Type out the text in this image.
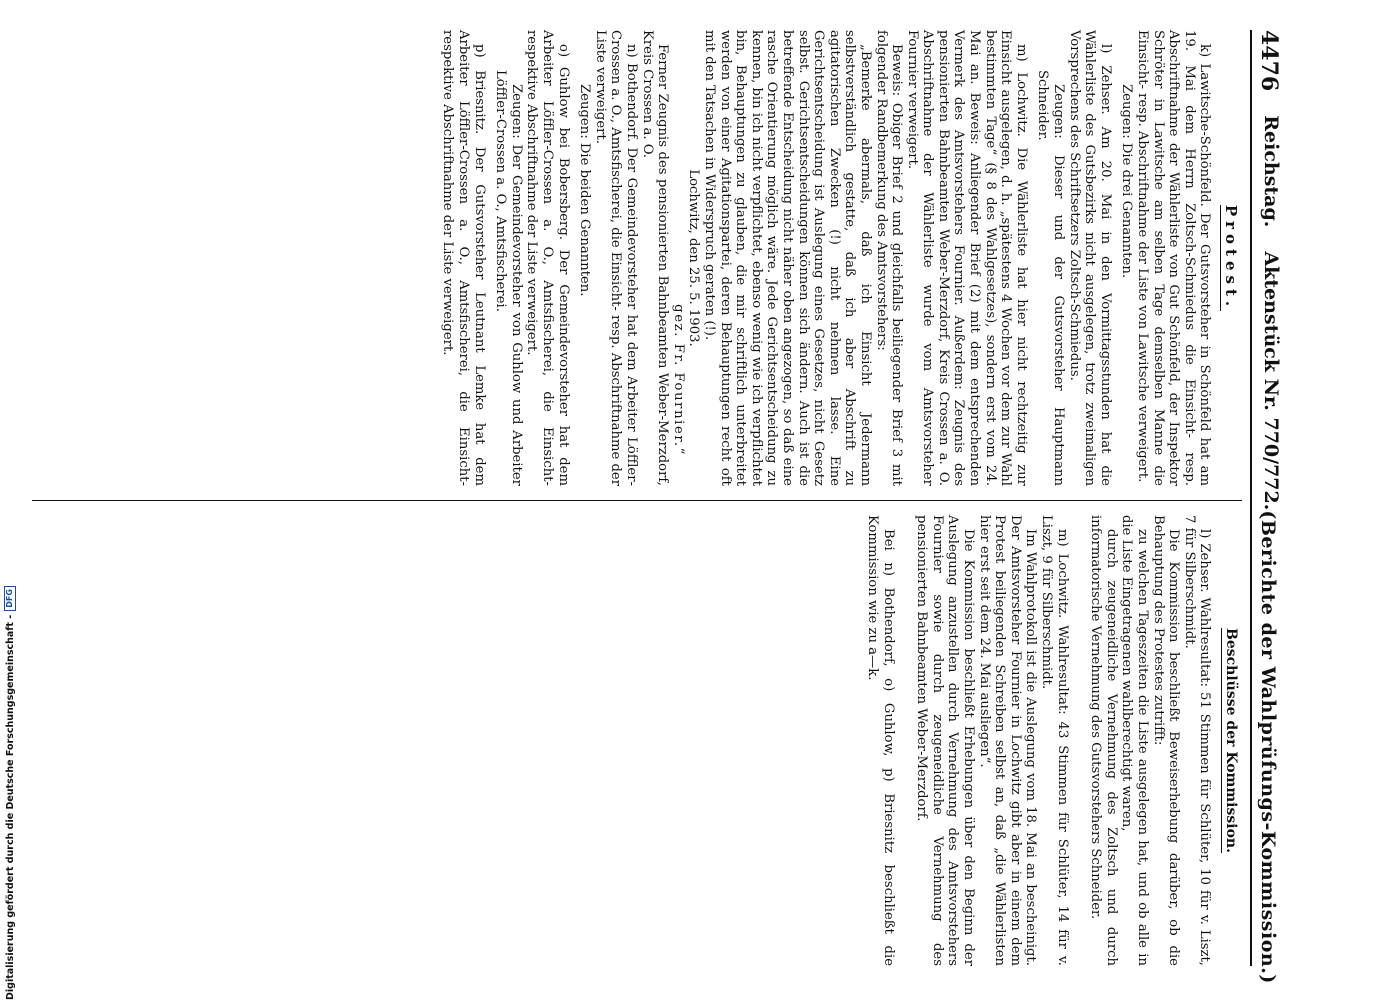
4476
Reichstag.
Aktenstück Nr. 770/772.
(Berichte der Wahlprüfungs-Kommission.)
Protest.

k) Lawitsche-Schönfeld. Der Gutsvorsteher in Schönfeld hat am 19. Mai dem Herrn Zoltsch-Schmiedus die Einsicht- resp. Abschriftnahme der Wählerliste von Gut Schönfeld, der Inspektor Schröter in Lawitsche am selben Tage demselben Manne die Einsicht- resp. Abschriftnahme der Liste von Lawitsche verweigert.

Zeugen: Die drei Genannten.

l) Zehser. Am 20. Mai in den Vormittagsstunden hat die Wählerliste des Gutsbezirks nicht ausgelegen, trotz zweimaligen Vorsprechens des Schriftsetzers Zoltsch-Schmiedus.

Zeugen: Dieser und der Gutsvorsteher Hauptmann Schneider.

m) Lochwitz. Die Wählerliste hat hier nicht rechtzeitig zur Einsicht ausgelegen, d. h. „spätestens 4 Wochen vor dem zur Wahl bestimmten Tage“ (§ 8 des Wahlgesetzes), sondern erst vom 24. Mai an. Beweis: Anliegender Brief (2) mit dem entsprechenden Vermerk des Amtsvorstehers Fournier. Außerdem: Zeugnis des pensionierten Bahnbeamten Weber-Merzdorf, Kreis Crossen a. O. Abschriftnahme der Wählerliste wurde vom Amtsvorsteher Fournier verweigert.

Beweis: Obiger Brief 2 und gleichfalls beiliegender Brief 3 mit folgender Randbemerkung des Amtsvorstehers:

„Bemerke abermals, daß ich Einsicht Jedermann selbstverständlich gestatte, daß ich aber Abschrift zu agitatorischen Zwecken (!) nicht nehmen lasse. Eine Gerichtsentscheidung ist Auslegung eines Gesetzes, nicht Gesetz selbst. Gerichtsentscheidungen können sich ändern. Auch ist die betreffende Entscheidung nicht näher oben angezogen, so daß eine rasche Orientierung möglich wäre. Jede Gerichtsentscheidung zu kennen, bin ich nicht verpflichtet, ebenso wenig wie ich verpflichtet bin, Behauptungen zu glauben, die mir schriftlich unterbreitet werden von einer Agitationspartei, deren Behauptungen recht oft mit den Tatsachen in Widerspruch geraten (!).

Lochwitz, den 25. 5. 1903.

gez. Fr. Fournier.“

Ferner Zeugnis des pensionierten Bahnbeamten Weber-Merzdorf, Kreis Crossen a. O.

n) Bothendorf. Der Gemeindevorsteher hat dem Arbeiter Löffler-Crossen a. O., Amtsfischerei, die Einsicht- resp. Abschriftnahme der Liste verweigert.

Zeugen: Die beiden Genannten.

o) Guhlow bei Bobersberg. Der Gemeindevorsteher hat dem Arbeiter Löffler-Crossen a. O., Amtsfischerei, die Einsicht- respektive Abschriftnahme der Liste verweigert.

Zeugen: Der Gemeindevorsteher von Guhlow und Arbeiter Löffler-Crossen a. O., Amtsfischerei.

p) Briesnitz. Der Gutsvorsteher Leutnant Lemke hat dem Arbeiter Löffler-Crossen a. O., Amtsfischerei, die Einsicht- respektive Abschriftnahme der Liste verweigert.

Beschlüsse der Kommission.

l) Zehser. Wahlresultat: 51 Stimmen für Schlüter, 10 für v. Liszt, 7 für Silberschmidt.

Die Kommission beschließt Beweiserhebung darüber, ob die Behauptung des Protestes zutrifft:

zu welchen Tageszeiten die Liste ausgelegen hat, und ob alle in die Liste Eingetragenen wahlberechtigt waren,

durch zeugeneidliche Vernehmung des Zoltsch und durch informatorische Vernehmung des Gutsvorstehers Schneider.

m) Lochwitz. Wahlresultat: 43 Stimmen für Schlüter, 14 für v. Liszt, 9 für Silberschmidt.

Im Wahlprotokoll ist die Auslegung vom 18. Mai an bescheinigt. Der Amtsvorsteher Fournier in Lochwitz gibt aber in einem dem Protest beiliegenden Schreiben selbst an, daß „die Wählerlisten hier erst seit dem 24. Mai ausliegen“.

Die Kommission beschließt Erhebungen über den Beginn der Auslegung anzustellen durch Vernehmung des Amtsvorstehers Fournier sowie durch zeugeneidliche Vernehmung des pensionierten Bahnbeamten Weber-Merzdorf.

Bei n) Bothendorf, o) Guhlow, p) Briesnitz beschließt die Kommission wie zu a—k.

Digitalisierung gefördert durch die Deutsche Forschungsgemeinschaft -
DFG
